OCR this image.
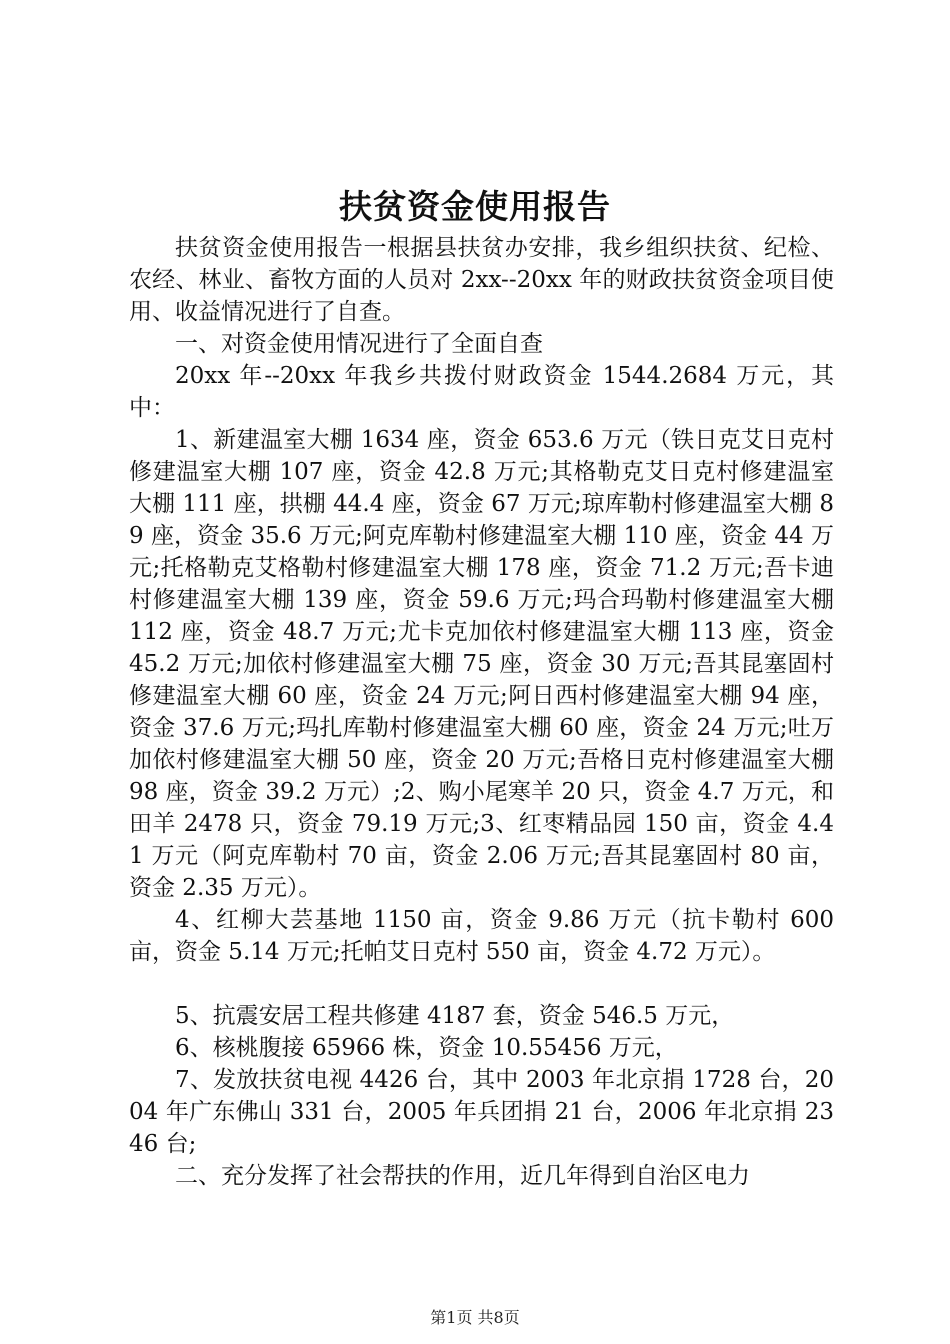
扶贫资金使用报告

扶贫资金使用报告一根据县扶贫办安排，我乡组织扶贫、纪检、农经、林业、畜牧方面的人员对 2xx--20xx 年的财政扶贫资金项目使用、收益情况进行了自查。

一、对资金使用情况进行了全面自查

20xx 年--20xx 年我乡共拨付财政资金 1544.2684 万元，其中：

1、新建温室大棚 1634 座，资金 653.6 万元（铁日克艾日克村修建温室大棚 107 座，资金 42.8 万元;其格勒克艾日克村修建温室大棚 111 座，拱棚 44.4 座，资金 67 万元;琼库勒村修建温室大棚 89 座，资金 35.6 万元;阿克库勒村修建温室大棚 110 座，资金 44 万元;托格勒克艾格勒村修建温室大棚 178 座，资金 71.2 万元;吾卡迪村修建温室大棚 139 座，资金 59.6 万元;玛合玛勒村修建温室大棚 112 座，资金 48.7 万元;尤卡克加依村修建温室大棚 113 座，资金 45.2 万元;加依村修建温室大棚 75 座，资金 30 万元;吾其昆塞固村修建温室大棚 60 座，资金 24 万元;阿日西村修建温室大棚 94 座，资金 37.6 万元;玛扎库勒村修建温室大棚 60 座，资金 24 万元;吐万加依村修建温室大棚 50 座，资金 20 万元;吾格日克村修建温室大棚 98 座，资金 39.2 万元）;2、购小尾寒羊 20 只，资金 4.7 万元，和田羊 2478 只，资金 79.19 万元;3、红枣精品园 150 亩，资金 4.41 万元（阿克库勒村 70 亩，资金 2.06 万元;吾其昆塞固村 80 亩，资金 2.35 万元）。

4、红柳大芸基地 1150 亩，资金 9.86 万元（抗卡勒村 600 亩，资金 5.14 万元;托帕艾日克村 550 亩，资金 4.72 万元）。

5、抗震安居工程共修建 4187 套，资金 546.5 万元，

6、核桃腹接 65966 株，资金 10.55456 万元，

7、发放扶贫电视 4426 台，其中 2003 年北京捐 1728 台，2004 年广东佛山 331 台，2005 年兵团捐 21 台，2006 年北京捐 2346 台;

二、充分发挥了社会帮扶的作用，近几年得到自治区电力

第1页 共8页
